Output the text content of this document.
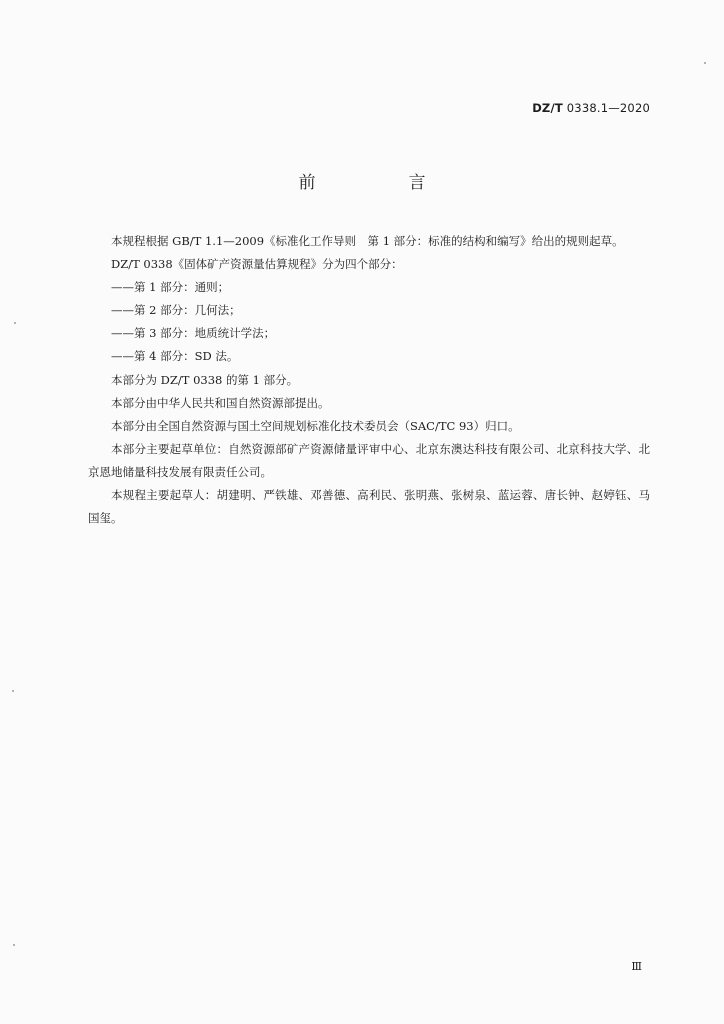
DZ/T 0338.1—2020
前　言

本规程根据 GB/T 1.1—2009《标准化工作导则　第 1 部分：标准的结构和编写》给出的规则起草。

DZ/T 0338《固体矿产资源量估算规程》分为四个部分：

——第 1 部分：通则；

——第 2 部分：几何法；

——第 3 部分：地质统计学法；

——第 4 部分：SD 法。

本部分为 DZ/T 0338 的第 1 部分。

本部分由中华人民共和国自然资源部提出。

本部分由全国自然资源与国土空间规划标准化技术委员会（SAC/TC 93）归口。

本部分主要起草单位：自然资源部矿产资源储量评审中心、北京东澳达科技有限公司、北京科技大学、北京恩地储量科技发展有限责任公司。

本规程主要起草人：胡建明、严铁雄、邓善德、高利民、张明燕、张树泉、蓝运蓉、唐长钟、赵婷钰、马国玺。

Ⅲ
